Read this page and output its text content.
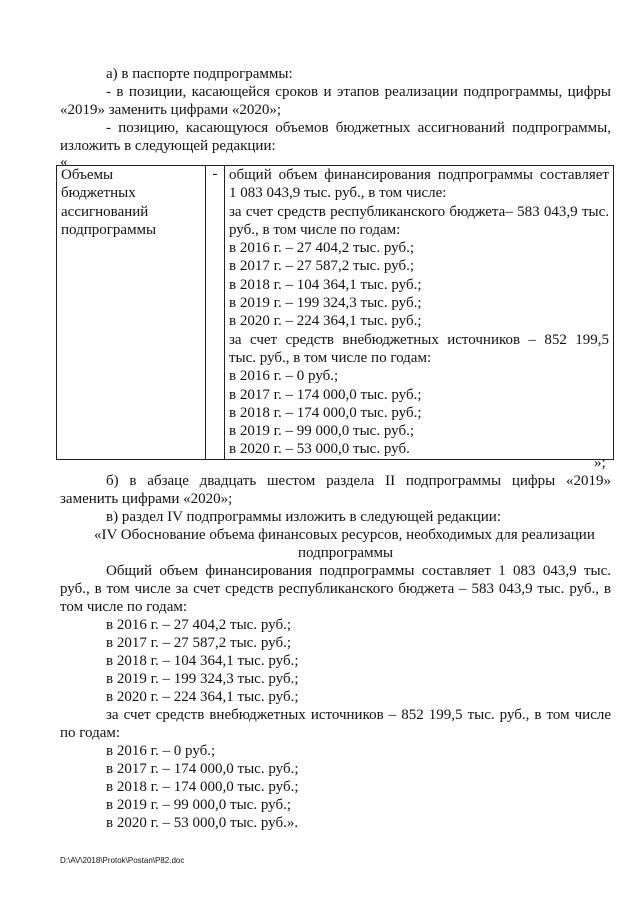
а) в паспорте подпрограммы:
- в позиции, касающейся сроков и этапов реализации подпрограммы, цифры
«2019» заменить цифрами «2020»;
- позицию, касающуюся объемов бюджетных ассигнований подпрограммы,
изложить в следующей редакции:
«
Объемы
бюджетных
ассигнований
подпрограммы
	-	общий объем финансирования подпрограммы составляет
1 083 043,9 тыс. руб., в том числе:
за счет средств республиканского бюджета– 583 043,9 тыс.
руб., в том числе по годам:
в 2016 г. – 27 404,2 тыс. руб.;
в 2017 г. – 27 587,2 тыс. руб.;
в 2018 г. – 104 364,1 тыс. руб.;
в 2019 г. – 199 324,3 тыс. руб.;
в 2020 г. – 224 364,1 тыс. руб.;
за счет средств внебюджетных источников – 852 199,5
тыс. руб., в том числе по годам:
в 2016 г. – 0 руб.;
в 2017 г. – 174 000,0 тыс. руб.;
в 2018 г. – 174 000,0 тыс. руб.;
в 2019 г. – 99 000,0 тыс. руб.;
в 2020 г. – 53 000,0 тыс. руб.
»;
б) в абзаце двадцать шестом раздела II подпрограммы цифры «2019»
заменить цифрами «2020»;
в) раздел IV подпрограммы изложить в следующей редакции:
«IV Обоснование объема финансовых ресурсов, необходимых для реализации
подпрограммы
Общий объем финансирования подпрограммы составляет 1 083 043,9 тыс.
руб., в том числе за счет средств республиканского бюджета – 583 043,9 тыс. руб., в
том числе по годам:
в 2016 г. – 27 404,2 тыс. руб.;
в 2017 г. – 27 587,2 тыс. руб.;
в 2018 г. – 104 364,1 тыс. руб.;
в 2019 г. – 199 324,3 тыс. руб.;
в 2020 г. – 224 364,1 тыс. руб.;
за счет средств внебюджетных источников – 852 199,5 тыс. руб., в том числе
по годам:
в 2016 г. – 0 руб.;
в 2017 г. – 174 000,0 тыс. руб.;
в 2018 г. – 174 000,0 тыс. руб.;
в 2019 г. – 99 000,0 тыс. руб.;
в 2020 г. – 53 000,0 тыс. руб.».
D:\AV\2018\Protok\Postan\P82.doc
